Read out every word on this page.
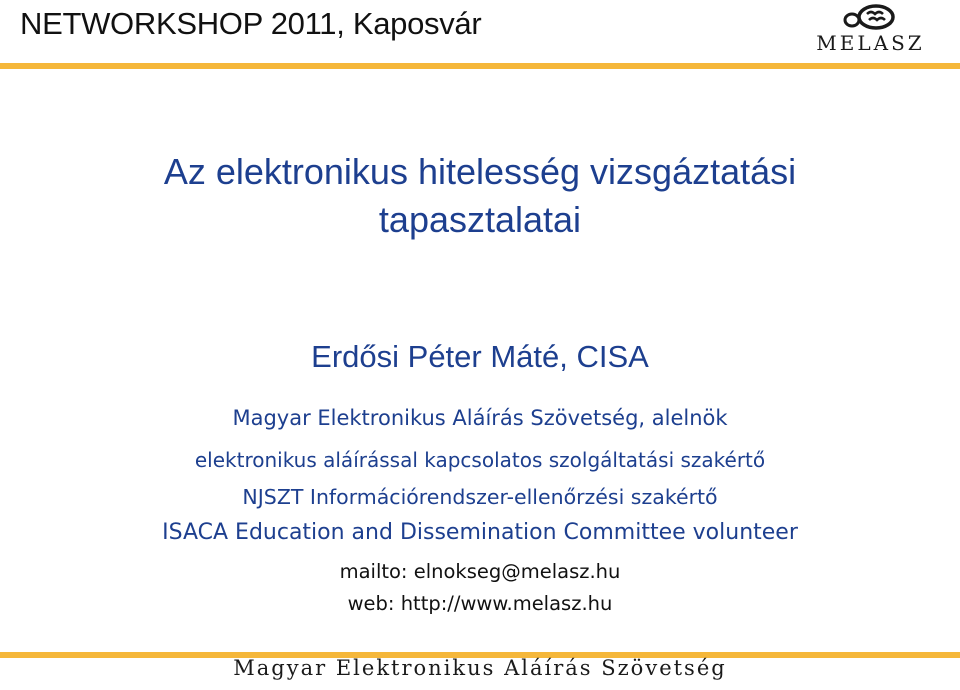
NETWORKSHOP 2011, Kaposvár
MELASZ
Az elektronikus hitelesség vizsgáztatási
tapasztalatai
Erdősi Péter Máté, CISA
Magyar Elektronikus Aláírás Szövetség, alelnök
elektronikus aláírással kapcsolatos szolgáltatási szakértő
NJSZT Információrendszer-ellenőrzési szakértő
ISACA Education and Dissemination Committee volunteer
mailto: elnokseg@melasz.hu
web: http://www.melasz.hu
Magyar Elektronikus Aláírás Szövetség
